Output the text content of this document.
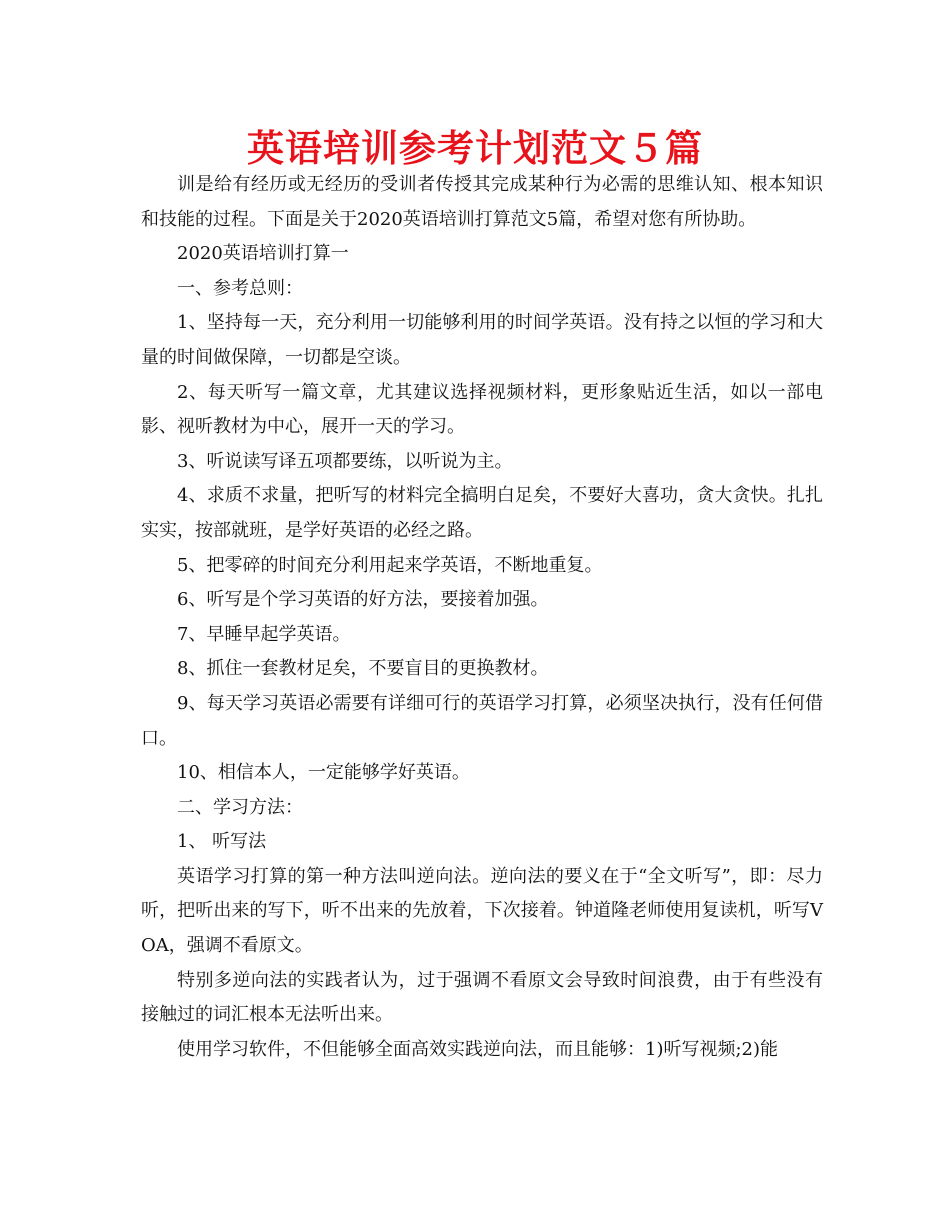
英语培训参考计划范文５篇

训是给有经历或无经历的受训者传授其完成某种行为必需的思维认知、根本知识和技能的过程。下面是关于2020英语培训打算范文5篇，希望对您有所协助。

2020英语培训打算一

一、参考总则：

1、坚持每一天，充分利用一切能够利用的时间学英语。没有持之以恒的学习和大量的时间做保障，一切都是空谈。

2、每天听写一篇文章，尤其建议选择视频材料，更形象贴近生活，如以一部电影、视听教材为中心，展开一天的学习。

3、听说读写译五项都要练，以听说为主。

4、求质不求量，把听写的材料完全搞明白足矣，不要好大喜功，贪大贪快。扎扎实实，按部就班，是学好英语的必经之路。

5、把零碎的时间充分利用起来学英语，不断地重复。

6、听写是个学习英语的好方法，要接着加强。

7、早睡早起学英语。

8、抓住一套教材足矣，不要盲目的更换教材。

9、每天学习英语必需要有详细可行的英语学习打算，必须坚决执行，没有任何借口。

10、相信本人，一定能够学好英语。

二、学习方法：

1、 听写法

英语学习打算的第一种方法叫逆向法。逆向法的要义在于“全文听写”，即：尽力听，把听出来的写下，听不出来的先放着，下次接着。钟道隆老师使用复读机，听写VOA，强调不看原文。

特别多逆向法的实践者认为，过于强调不看原文会导致时间浪费，由于有些没有接触过的词汇根本无法听出来。

使用学习软件，不但能够全面高效实践逆向法，而且能够：1)听写视频;2)能
